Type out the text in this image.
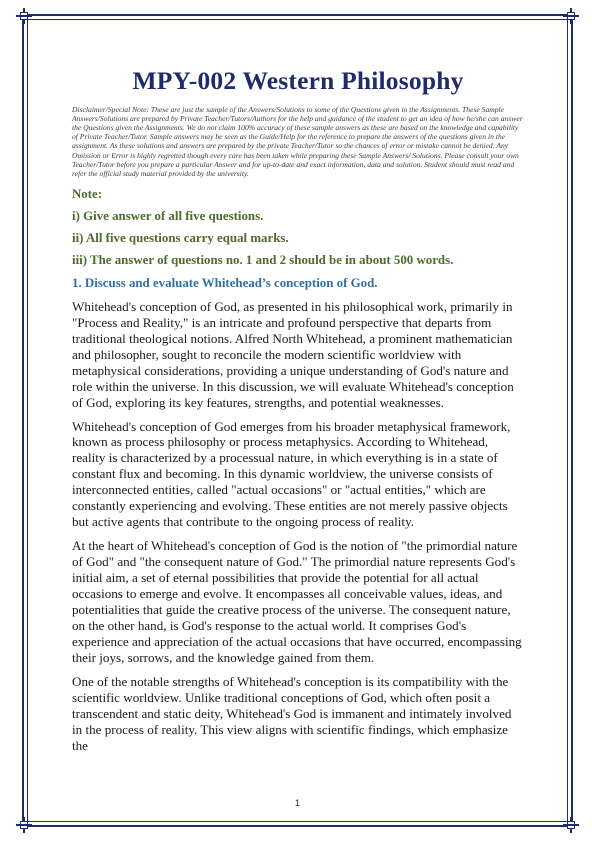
MPY-002 Western Philosophy

Disclaimer/Special Note: These are just the sample of the Answers/Solutions to some of the Questions given in the Assignments. These Sample Answers/Solutions are prepared by Private Teacher/Tutors/Authors for the help and guidance of the student to get an idea of how he/she can answer the Questions given the Assignments. We do not claim 100% accuracy of these sample answers as these are based on the knowledge and capability of Private Teacher/Tutor. Sample answers may be seen as the Guide/Help for the reference to prepare the answers of the questions given in the assignment. As these solutions and answers are prepared by the private Teacher/Tutor so the chances of error or mistake cannot be denied. Any Omission or Error is highly regretted though every care has been taken while preparing these Sample Answers/ Solutions. Please consult your own Teacher/Tutor before you prepare a particular Answer and for up-to-date and exact information, data and solution. Student should must read and refer the official study material provided by the university.

Note:

i) Give answer of all five questions.

ii) All five questions carry equal marks.

iii) The answer of questions no. 1 and 2 should be in about 500 words.

1. Discuss and evaluate Whitehead’s conception of God.

Whitehead's conception of God, as presented in his philosophical work, primarily in "Process and Reality," is an intricate and profound perspective that departs from traditional theological notions. Alfred North Whitehead, a prominent mathematician and philosopher, sought to reconcile the modern scientific worldview with metaphysical considerations, providing a unique understanding of God's nature and role within the universe. In this discussion, we will evaluate Whitehead's conception of God, exploring its key features, strengths, and potential weaknesses.

Whitehead's conception of God emerges from his broader metaphysical framework, known as process philosophy or process metaphysics. According to Whitehead, reality is characterized by a processual nature, in which everything is in a state of constant flux and becoming. In this dynamic worldview, the universe consists of interconnected entities, called "actual occasions" or "actual entities," which are constantly experiencing and evolving. These entities are not merely passive objects but active agents that contribute to the ongoing process of reality.

At the heart of Whitehead's conception of God is the notion of "the primordial nature of God" and "the consequent nature of God." The primordial nature represents God's initial aim, a set of eternal possibilities that provide the potential for all actual occasions to emerge and evolve. It encompasses all conceivable values, ideas, and potentialities that guide the creative process of the universe. The consequent nature, on the other hand, is God's response to the actual world. It comprises God's experience and appreciation of the actual occasions that have occurred, encompassing their joys, sorrows, and the knowledge gained from them.

One of the notable strengths of Whitehead's conception is its compatibility with the scientific worldview. Unlike traditional conceptions of God, which often posit a transcendent and static deity, Whitehead's God is immanent and intimately involved in the process of reality. This view aligns with scientific findings, which emphasize the

1
